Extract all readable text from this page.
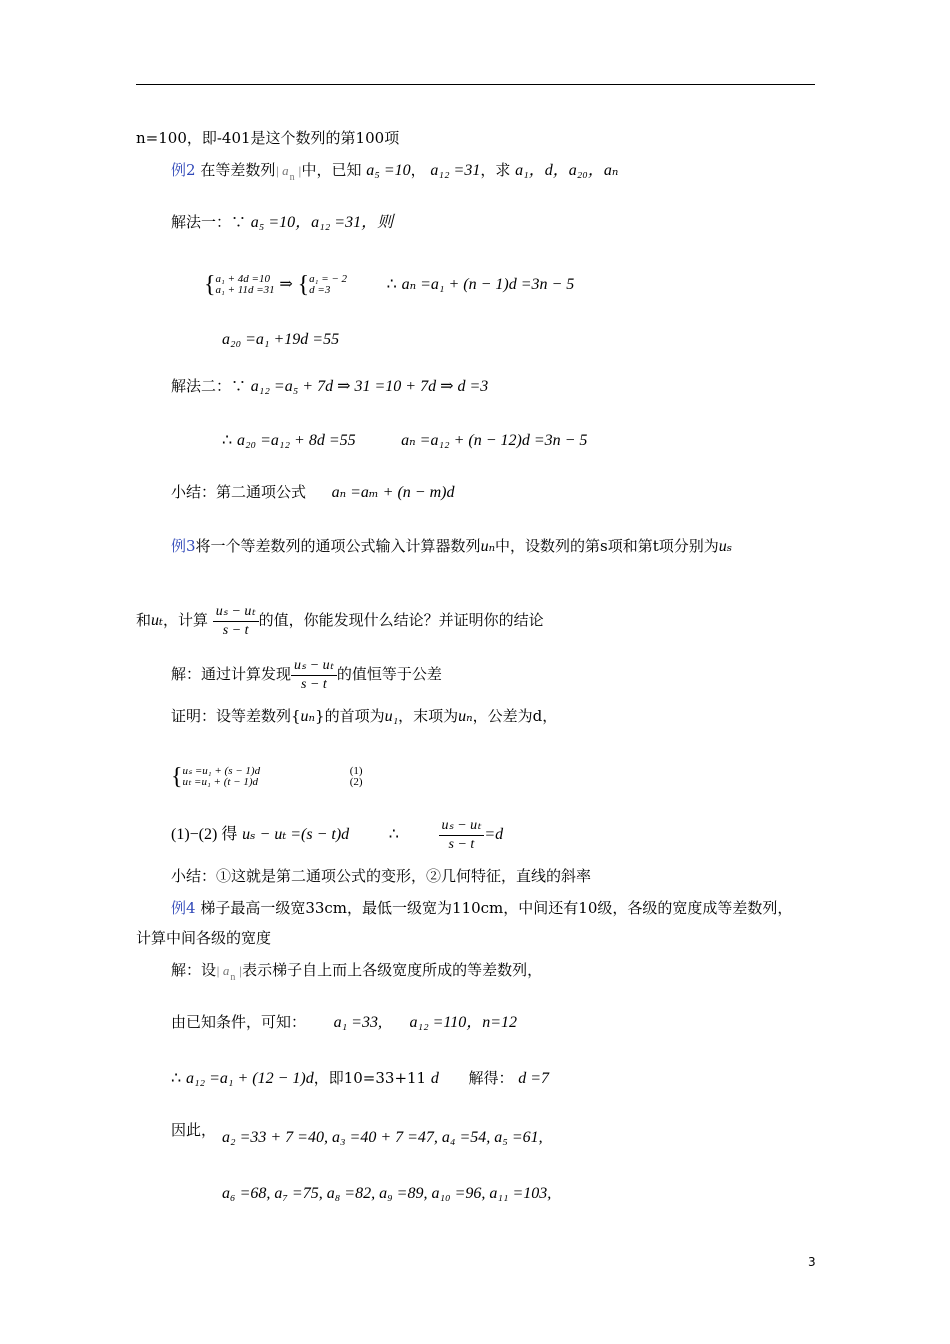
n=100，即-401是这个数列的第100项
例2 在等差数列| $a_n$ |中，已知 a₅ =10， a₁₂ =31，求 a₁，d，a₂₀，aₙ
解法一：∵ a₅ =10，a₁₂ =31，则
{ a₁ + 4d =10
a₁ + 11d =31 ⇒ { a₁ = − 2
d =3	∴ aₙ =a₁ + (n − 1)d =3n − 5
a₂₀ =a₁ +19d =55
解法二：∵ a₁₂ =a₅ + 7d ⇒ 31 =10 + 7d ⇒ d =3
∴ a₂₀ =a₁₂ + 8d =55	aₙ =a₁₂ + (n − 12)d =3n − 5
小结：第二通项公式 aₙ =aₘ + (n − m)d
例3将一个等差数列的通项公式输入计算器数列uₙ中，设数列的第s项和第t项分别为uₛ
和uₜ，计算 $\frac{\text{uₛ − uₜ}}{s - t}$ 的值，你能发现什么结论？并证明你的结论
解：通过计算发现 $\frac{\text{uₛ − uₜ}}{s - t}$ 的值恒等于公差
证明：设等差数列{uₙ}的首项为u₁，末项为uₙ，公差为d，
{ uₛ =u₁ + (s − 1)d	(1)
uₜ =u₁ + (t − 1)d	(2)
(1)−(2) 得 uₛ − uₜ =(s − t)d ∴	$\frac{\text{uₛ − uₜ}}{s - t} =d$
小结：①这就是第二通项公式的变形，②几何特征，直线的斜率
例4 梯子最高一级宽33cm，最低一级宽为110cm，中间还有10级，各级的宽度成等差数列，
计算中间各级的宽度
解：设| $a_n$ |表示梯子自上而上各级宽度所成的等差数列，
由已知条件，可知： a₁ =33, a₁₂ =110，n=12
∴ a₁₂ =a₁ + (12 − 1)d，即10=33+11 d 解得： d =7
因此， a₂ =33 + 7 =40, a₃ =40 + 7 =47, a₄ =54, a₅ =61,
a₆ =68, a₇ =75, a₈ =82, a₉ =89, a₁₀ =96, a₁₁ =103,
3
